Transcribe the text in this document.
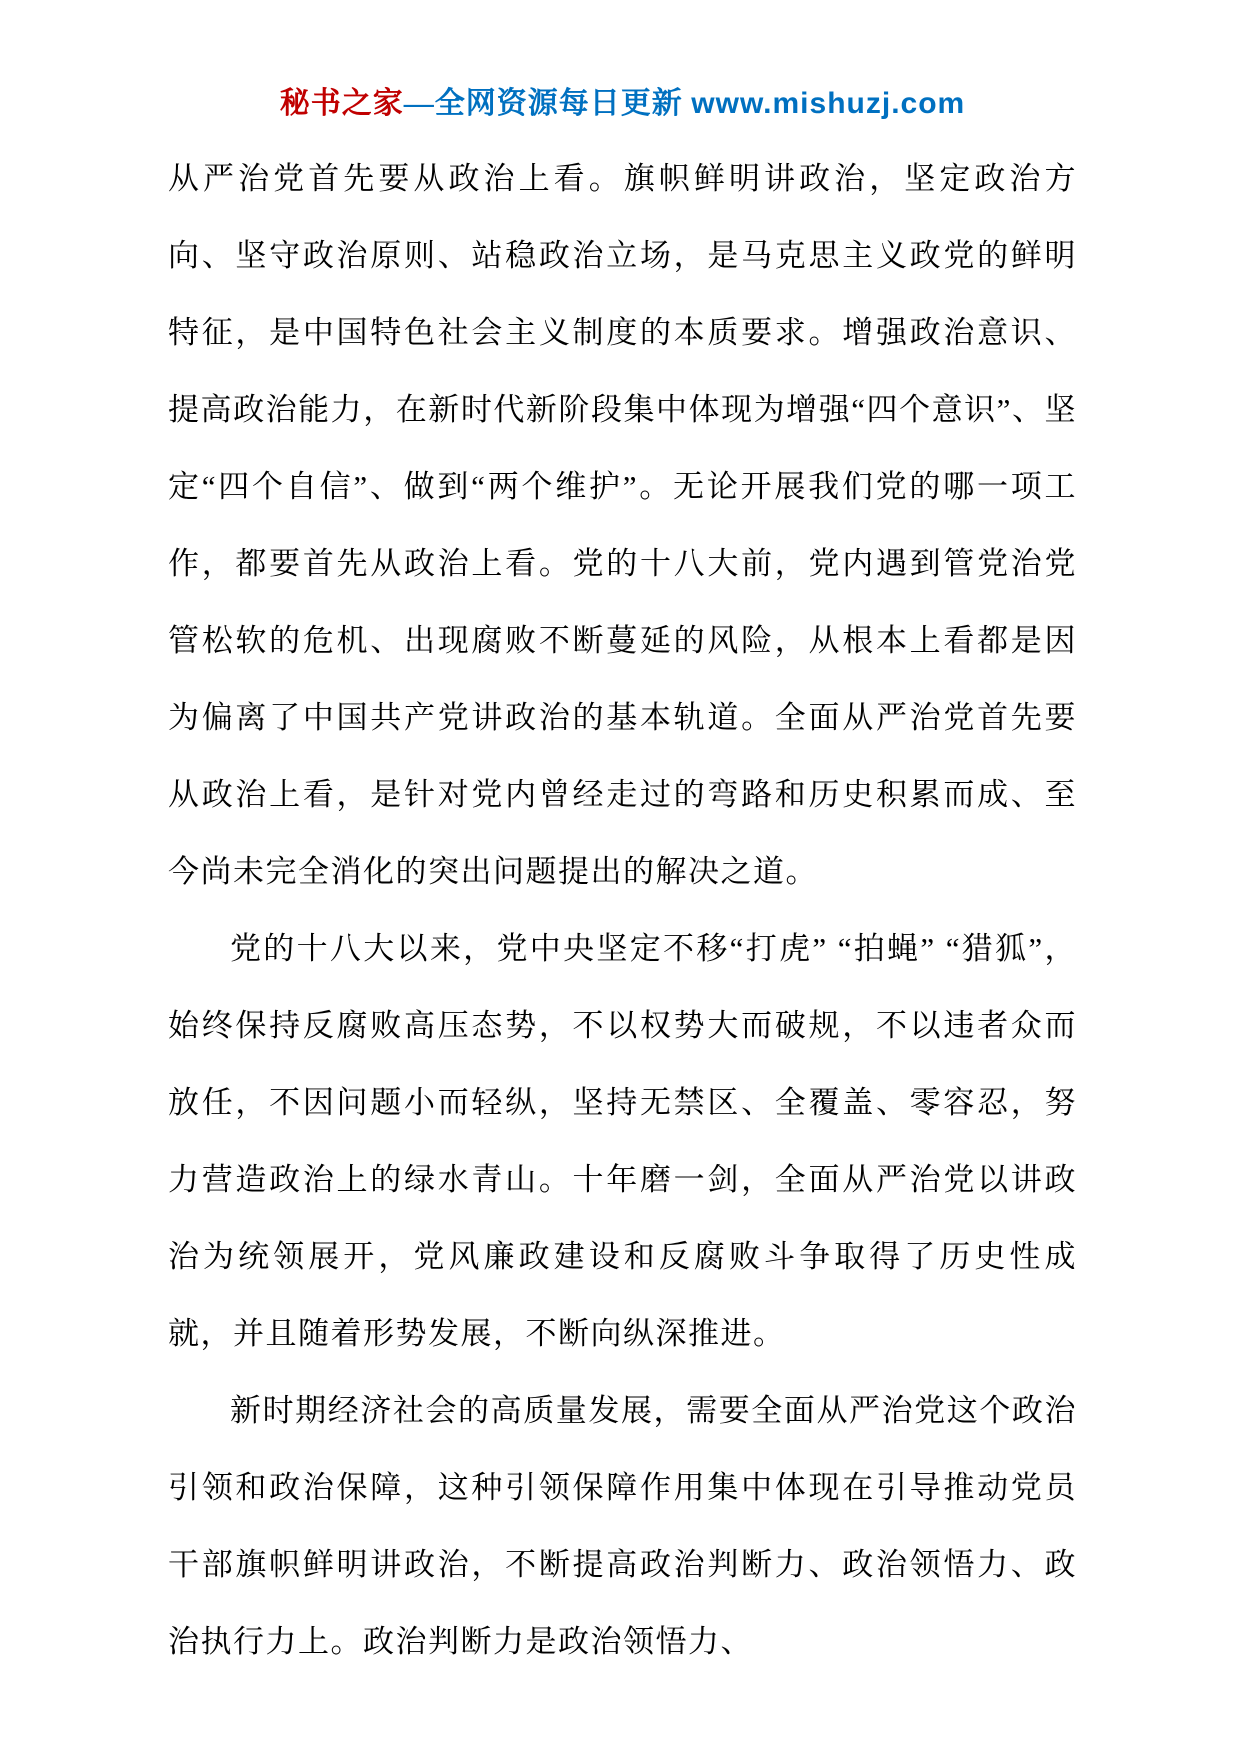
秘书之家—全网资源每日更新 www.mishuzj.com

从严治党首先要从政治上看。旗帜鲜明讲政治，坚定政治方向、坚守政治原则、站稳政治立场，是马克思主义政党的鲜明特征，是中国特色社会主义制度的本质要求。增强政治意识、提高政治能力，在新时代新阶段集中体现为增强“四个意识”、坚定“四个自信”、做到“两个维护”。无论开展我们党的哪一项工作，都要首先从政治上看。党的十八大前，党内遇到管党治党管松软的危机、出现腐败不断蔓延的风险，从根本上看都是因为偏离了中国共产党讲政治的基本轨道。全面从严治党首先要从政治上看，是针对党内曾经走过的弯路和历史积累而成、至今尚未完全消化的突出问题提出的解决之道。

党的十八大以来，党中央坚定不移“打虎” “拍蝇” “猎狐”，始终保持反腐败高压态势，不以权势大而破规，不以违者众而放任，不因问题小而轻纵，坚持无禁区、全覆盖、零容忍，努力营造政治上的绿水青山。十年磨一剑，全面从严治党以讲政治为统领展开，党风廉政建设和反腐败斗争取得了历史性成就，并且随着形势发展，不断向纵深推进。

新时期经济社会的高质量发展，需要全面从严治党这个政治引领和政治保障，这种引领保障作用集中体现在引导推动党员干部旗帜鲜明讲政治，不断提高政治判断力、政治领悟力、政治执行力上。政治判断力是政治领悟力、
